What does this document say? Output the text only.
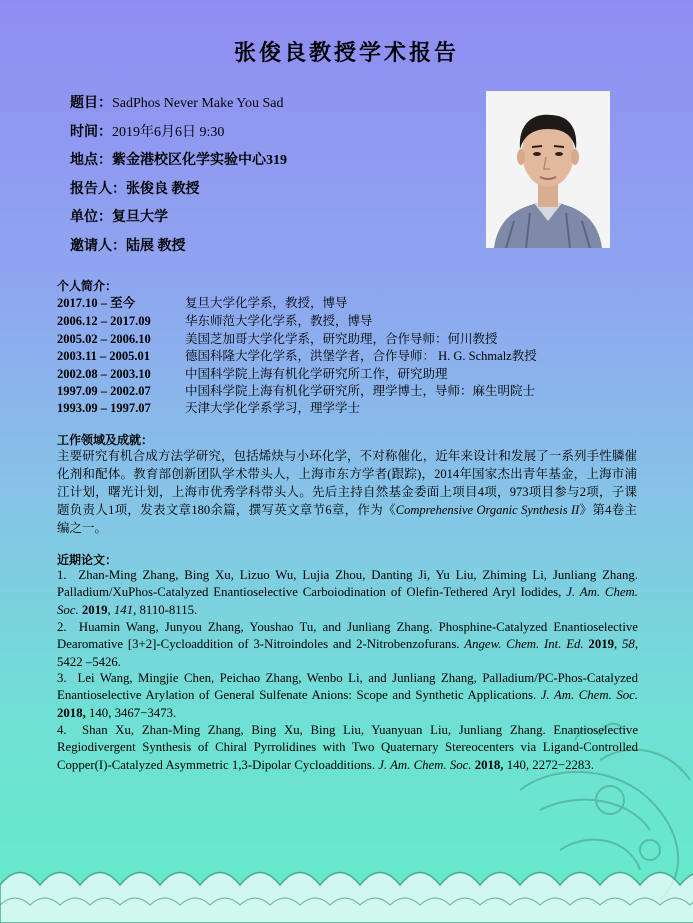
张俊良教授学术报告
题目：SadPhos Never Make You Sad
时间：2019年6月6日 9:30
地点：紫金港校区化学实验中心319
报告人：张俊良 教授
单位：复旦大学
邀请人：陆展 教授
个人简介：
2017.10 – 至今	复旦大学化学系，教授，博导
2006.12 – 2017.09	华东师范大学化学系，教授，博导
2005.02 – 2006.10	美国芝加哥大学化学系，研究助理，合作导师：何川教授
2003.11 – 2005.01	德国科隆大学化学系，洪堡学者，合作导师： H. G. Schmalz教授
2002.08 – 2003.10	中国科学院上海有机化学研究所工作，研究助理
1997.09 – 2002.07	中国科学院上海有机化学研究所，理学博士，导师：麻生明院士
1993.09 – 1997.07	天津大学化学系学习，理学学士
工作领域及成就：
主要研究有机合成方法学研究，包括烯炔与小环化学，不对称催化，近年来设计和发展了一系列手性膦催化剂和配体。教育部创新团队学术带头人，上海市东方学者(跟踪)，2014年国家杰出青年基金，上海市浦江计划，曙光计划，上海市优秀学科带头人。先后主持自然基金委面上项目4项，973项目参与2项，子课题负责人1项，发表文章180余篇，撰写英文章节6章，作为《Comprehensive Organic Synthesis II》第4卷主编之一。
近期论文：
1. Zhan-Ming Zhang, Bing Xu, Lizuo Wu, Lujia Zhou, Danting Ji, Yu Liu, Zhiming Li, Junliang Zhang. Palladium/XuPhos-Catalyzed Enantioselective Carboiodination of Olefin-Tethered Aryl Iodides, J. Am. Chem. Soc. 2019, 141, 8110-8115.
2. Huamin Wang, Junyou Zhang, Youshao Tu, and Junliang Zhang. Phosphine-Catalyzed Enantioselective Dearomative [3+2]-Cycloaddition of 3-Nitroindoles and 2-Nitrobenzofurans. Angew. Chem. Int. Ed. 2019, 58, 5422 –5426.
3. Lei Wang, Mingjie Chen, Peichao Zhang, Wenbo Li, and Junliang Zhang, Palladium/PC-Phos-Catalyzed Enantioselective Arylation of General Sulfenate Anions: Scope and Synthetic Applications. J. Am. Chem. Soc. 2018, 140, 3467−3473.
4. Shan Xu, Zhan-Ming Zhang, Bing Xu, Bing Liu, Yuanyuan Liu, Junliang Zhang. Enantioselective Regiodivergent Synthesis of Chiral Pyrrolidines with Two Quaternary Stereocenters via Ligand-Controlled Copper(I)-Catalyzed Asymmetric 1,3-Dipolar Cycloadditions. J. Am. Chem. Soc. 2018, 140, 2272−2283.
